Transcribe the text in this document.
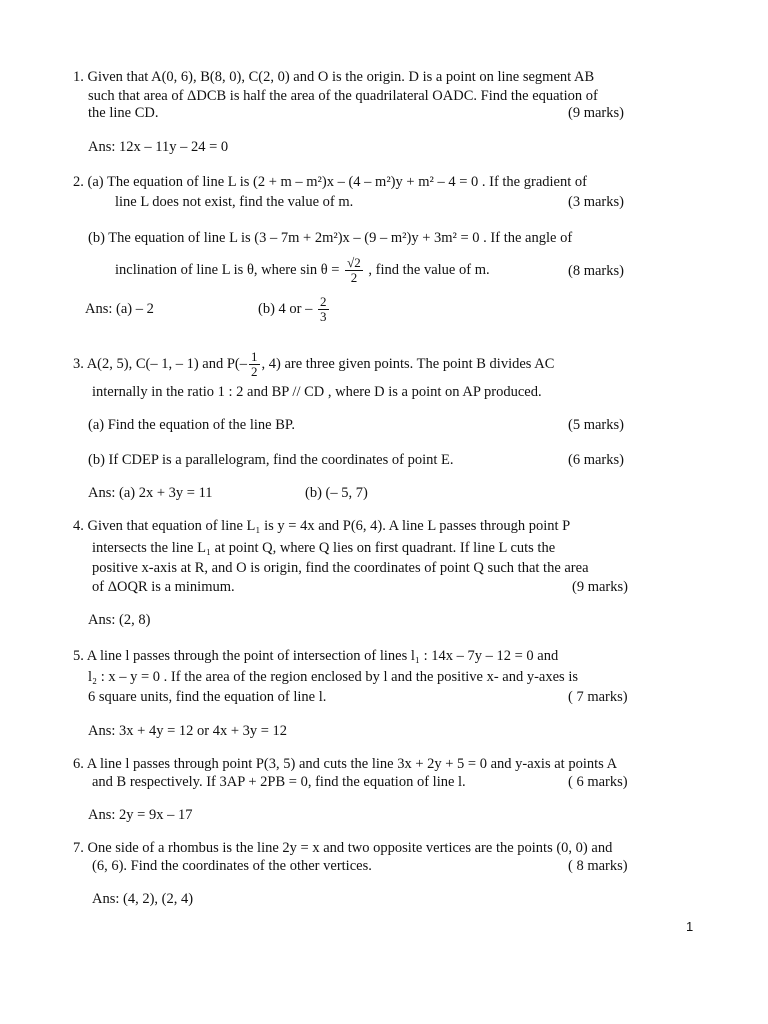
1. Given that A(0, 6), B(8, 0), C(2, 0) and O is the origin. D is a point on line segment AB
such that area of ΔDCB is half the area of the quadrilateral OADC. Find the equation of
the line CD.	(9 marks)
Ans: 12x – 11y – 24 = 0
2. (a) The equation of line L is (2 + m – m²)x – (4 – m²)y + m² – 4 = 0 . If the gradient of
line L does not exist, find the value of m.	(3 marks)
(b) The equation of line L is (3 – 7m + 2m²)x – (9 – m²)y + 3m² = 0 . If the angle of
inclination of line L is θ, where $\sin \theta = \frac{√2}{2}$ , find the value of m.	(8 marks)
Ans: (a) – 2	(b) 4 or – $\frac{2}{3}$
3. A(2, 5), C(– 1, – 1) and $P(- \frac{1}{2}$ , 4) are three given points. The point B divides AC
internally in the ratio 1 : 2 and BP // CD , where D is a point on AP produced.
(a) Find the equation of the line BP.	(5 marks)
(b) If CDEP is a parallelogram, find the coordinates of point E.	(6 marks)
Ans: (a) 2x + 3y = 11	(b) (– 5, 7)
4. Given that equation of line L₁ is y = 4x and P(6, 4). A line L passes through point P
intersects the line L₁ at point Q, where Q lies on first quadrant. If line L cuts the
positive x-axis at R, and O is origin, find the coordinates of point Q such that the area
of ΔOQR is a minimum.	(9 marks)
Ans: (2, 8)
5. A line l passes through the point of intersection of lines l₁ : 14x – 7y – 12 = 0 and
l₂ : x – y = 0 . If the area of the region enclosed by l and the positive x- and y-axes is
6 square units, find the equation of line l.	( 7 marks)
Ans: 3x + 4y = 12 or 4x + 3y = 12
6. A line l passes through point P(3, 5) and cuts the line 3x + 2y + 5 = 0 and y-axis at points A
and B respectively. If 3AP + 2PB = 0, find the equation of line l.	( 6 marks)
Ans: 2y = 9x – 17
7. One side of a rhombus is the line 2y = x and two opposite vertices are the points (0, 0) and
(6, 6). Find the coordinates of the other vertices.	( 8 marks)
Ans: (4, 2), (2, 4)
1
